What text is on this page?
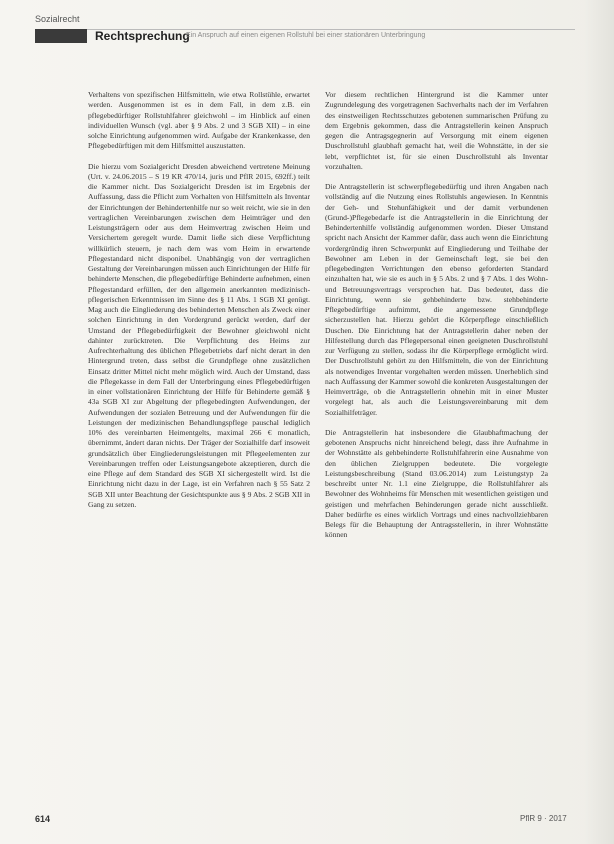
Sozialrecht
Rechtsprechung
Ein Anspruch auf einen eigenen Rollstuhl bei einer stationären Unterbringung

Verhaltens von spezifischen Hilfsmitteln, wie etwa Rollstühle, erwartet werden. Ausgenommen ist es in dem Fall, in dem z.B. ein pflegebedürftiger Rollstuhlfahrer gleichwohl – im Hinblick auf einen individuellen Wunsch (vgl. aber § 9 Abs. 2 und 3 SGB XII) – in eine solche Einrichtung aufgenommen wird. Aufgabe der Krankenkasse, den Pflegebedürftigen mit dem Hilfsmittel auszustatten.

Die hierzu vom Sozialgericht Dresden abweichend vertretene Meinung (Urt. v. 24.06.2015 – S 19 KR 470/14, juris und PflR 2015, 692ff.) teilt die Kammer nicht. Das Sozialgericht Dresden ist im Ergebnis der Auffassung, dass die Pflicht zum Vorhalten von Hilfsmitteln als Inventar der Einrichtungen der Behindertenhilfe nur so weit reicht, wie sie in den vertraglichen Vereinbarungen zwischen dem Heimträger und den Leistungsträgern oder aus dem Heimvertrag zwischen Heim und Versichertem geregelt wurde. Damit ließe sich diese Verpflichtung willkürlich steuern, je nach dem was vom Heim in erwartende Pflegestandard nicht disponibel. Unabhängig von der vertraglichen Gestaltung der Vereinbarungen müssen auch Einrichtungen der Hilfe für behinderte Menschen, die pflegebedürftige Behinderte aufnehmen, einen Pflegestandard erfüllen, der den allgemein anerkannten medizinisch-pflegerischen Erkenntnissen im Sinne des § 11 Abs. 1 SGB XI genügt. Mag auch die Eingliederung des behinderten Menschen als Zweck einer solchen Einrichtung in den Vordergrund gerückt werden, darf der Umstand der Pflegebedürftigkeit der Bewohner gleichwohl nicht dahinter zurücktreten. Die Verpflichtung des Heims zur Aufrechterhaltung des üblichen Pflegebetriebs darf nicht derart in den Hintergrund treten, dass selbst die Grundpflege ohne zusätzlichen Einsatz dritter Mittel nicht mehr möglich wird. Auch der Umstand, dass die Pflegekasse in dem Fall der Unterbringung eines Pflegebedürftigen in einer vollstationären Einrichtung der Hilfe für Behinderte gemäß § 43a SGB XI zur Abgeltung der pflegebedingten Aufwendungen, der Aufwendungen der sozialen Betreuung und der Aufwendungen für die Leistungen der medizinischen Behandlungspflege pauschal lediglich 10% des vereinbarten Heimentgelts, maximal 266 € monatlich, übernimmt, ändert daran nichts. Der Träger der Sozialhilfe darf insoweit grundsätzlich über Eingliederungsleistungen mit Pflegeelementen zur Vereinbarungen treffen oder Leistungsangebote akzeptieren, durch die eine Pflege auf dem Standard des SGB XI sichergestellt wird. Ist die Einrichtung nicht dazu in der Lage, ist ein Verfahren nach § 55 Satz 2 SGB XII unter Beachtung der Gesichtspunkte aus § 9 Abs. 2 SGB XII in Gang zu setzen.

Vor diesem rechtlichen Hintergrund ist die Kammer unter Zugrundelegung des vorgetragenen Sachverhalts nach der im Verfahren des einstweiligen Rechtsschutzes gebotenen summarischen Prüfung zu dem Ergebnis gekommen, dass die Antragstellerin keinen Anspruch gegen die Antragsgegnerin auf Versorgung mit einem eigenen Duschrollstuhl glaubhaft gemacht hat, weil die Wohnstätte, in der sie lebt, verpflichtet ist, für sie einen Duschrollstuhl als Inventar vorzuhalten.

Die Antragstellerin ist schwerpflegebedürftig und ihren Angaben nach vollständig auf die Nutzung eines Rollstuhls angewiesen. In Kenntnis der Geh- und Stehunfähigkeit und der damit verbundenen (Grund-)Pflegebedarfe ist die Antragstellerin in die Einrichtung der Behindertenhilfe vollständig aufgenommen worden. Dieser Umstand spricht nach Ansicht der Kammer dafür, dass auch wenn die Einrichtung vordergründig ihren Schwerpunkt auf Eingliederung und Teilhabe der Bewohner am Leben in der Gemeinschaft legt, sie bei den pflegebedingten Verrichtungen den ebenso geforderten Standard einzuhalten hat, wie sie es auch in § 5 Abs. 2 und § 7 Abs. 1 des Wohn- und Betreuungsvertrags versprochen hat. Das bedeutet, dass die Einrichtung, wenn sie gehbehinderte bzw. stehbehinderte Pflegebedürftige aufnimmt, die angemessene Grundpflege sicherzustellen hat. Hierzu gehört die Körperpflege einschließlich Duschen. Die Einrichtung hat der Antragstellerin daher neben der Hilfestellung durch das Pflegepersonal einen geeigneten Duschrollstuhl zur Verfügung zu stellen, sodass ihr die Körperpflege ermöglicht wird. Der Duschrollstuhl gehört zu den Hilfsmitteln, die von der Einrichtung als notwendiges Inventar vorgehalten werden müssen. Unerheblich sind nach Auffassung der Kammer sowohl die konkreten Ausgestaltungen der Heimverträge, ob die Antragstellerin ohnehin mit in einer Muster vorgelegt hat, als auch die Leistungsvereinbarung mit dem Sozialhilfeträger.

Die Antragstellerin hat insbesondere die Glaubhaftmachung der gebotenen Anspruchs nicht hinreichend belegt, dass ihre Aufnahme in der Wohnstätte als gehbehinderte Rollstuhlfahrerin eine Ausnahme von den üblichen Zielgruppen bedeutete. Die vorgelegte Leistungsbeschreibung (Stand 03.06.2014) zum Leistungstyp 2a beschreibt unter Nr. 1.1 eine Zielgruppe, die Rollstuhlfahrer als Bewohner des Wohnheims für Menschen mit wesentlichen geistigen und geistigen und mehrfachen Behinderungen gerade nicht ausschließt. Daher bedürfte es eines wirklich Vortrags und eines nachvollziehbaren Belegs für die Behauptung der Antragsstellerin, in ihrer Wohnstätte können

614	PflR 9 · 2017
